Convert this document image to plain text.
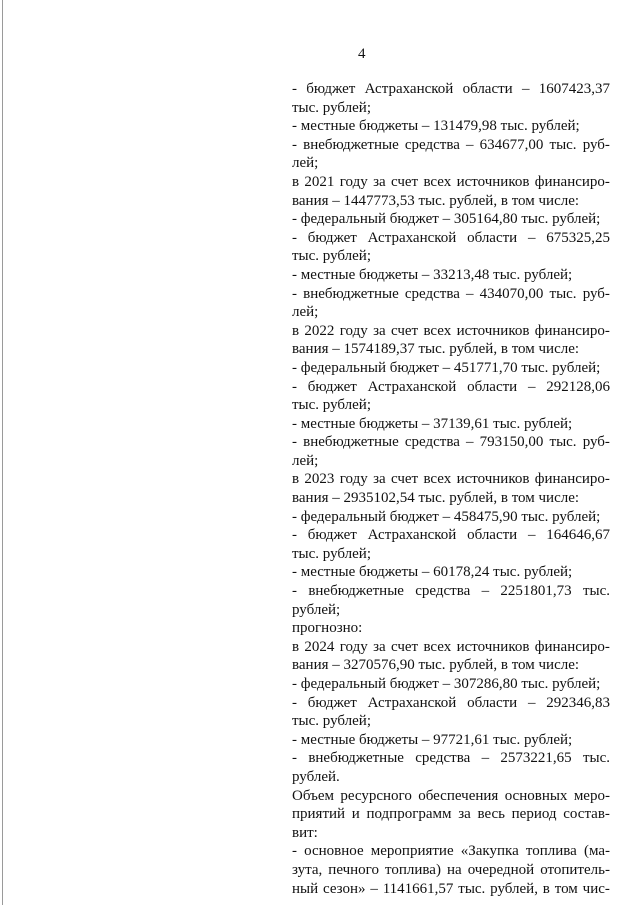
4
- бюджет Астраханской области – 1607423,37
тыс. рублей;
- местные бюджеты – 131479,98 тыс. рублей;
- внебюджетные средства – 634677,00 тыс. руб-
лей;
в 2021 году за счет всех источников финансиро-
вания – 1447773,53 тыс. рублей, в том числе:
- федеральный бюджет – 305164,80 тыс. рублей;
- бюджет Астраханской области – 675325,25
тыс. рублей;
- местные бюджеты – 33213,48 тыс. рублей;
- внебюджетные средства – 434070,00 тыс. руб-
лей;
в 2022 году за счет всех источников финансиро-
вания – 1574189,37 тыс. рублей, в том числе:
- федеральный бюджет – 451771,70 тыс. рублей;
- бюджет Астраханской области – 292128,06
тыс. рублей;
- местные бюджеты – 37139,61 тыс. рублей;
- внебюджетные средства – 793150,00 тыс. руб-
лей;
в 2023 году за счет всех источников финансиро-
вания – 2935102,54 тыс. рублей, в том числе:
- федеральный бюджет – 458475,90 тыс. рублей;
- бюджет Астраханской области – 164646,67
тыс. рублей;
- местные бюджеты – 60178,24 тыс. рублей;
- внебюджетные средства – 2251801,73 тыс.
рублей;
прогнозно:
в 2024 году за счет всех источников финансиро-
вания – 3270576,90 тыс. рублей, в том числе:
- федеральный бюджет – 307286,80 тыс. рублей;
- бюджет Астраханской области – 292346,83
тыс. рублей;
- местные бюджеты – 97721,61 тыс. рублей;
- внебюджетные средства – 2573221,65 тыс.
рублей.
Объем ресурсного обеспечения основных меро-
приятий и подпрограмм за весь период состав-
вит:
- основное мероприятие «Закупка топлива (ма-
зута, печного топлива) на очередной отопитель-
ный сезон» – 1141661,57 тыс. рублей, в том чис-
